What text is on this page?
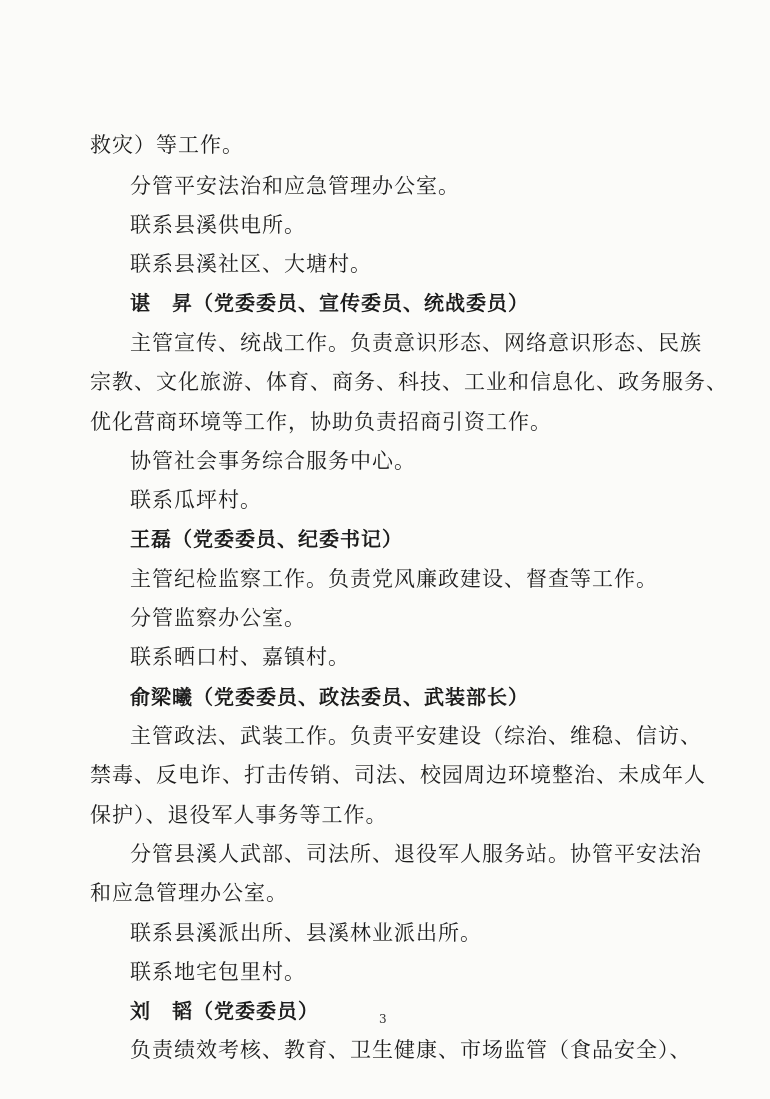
救灾）等工作。
分管平安法治和应急管理办公室。
联系县溪供电所。
联系县溪社区、大塘村。
谌　昇（党委委员、宣传委员、统战委员）
主管宣传、统战工作。负责意识形态、网络意识形态、民族
宗教、文化旅游、体育、商务、科技、工业和信息化、政务服务、
优化营商环境等工作，协助负责招商引资工作。
协管社会事务综合服务中心。
联系瓜坪村。
王磊（党委委员、纪委书记）
主管纪检监察工作。负责党风廉政建设、督查等工作。
分管监察办公室。
联系晒口村、嘉镇村。
俞梁曦（党委委员、政法委员、武装部长）
主管政法、武装工作。负责平安建设（综治、维稳、信访、
禁毒、反电诈、打击传销、司法、校园周边环境整治、未成年人
保护）、退役军人事务等工作。
分管县溪人武部、司法所、退役军人服务站。协管平安法治
和应急管理办公室。
联系县溪派出所、县溪林业派出所。
联系地宅包里村。
刘　韬（党委委员）
负责绩效考核、教育、卫生健康、市场监管（食品安全）、
3
